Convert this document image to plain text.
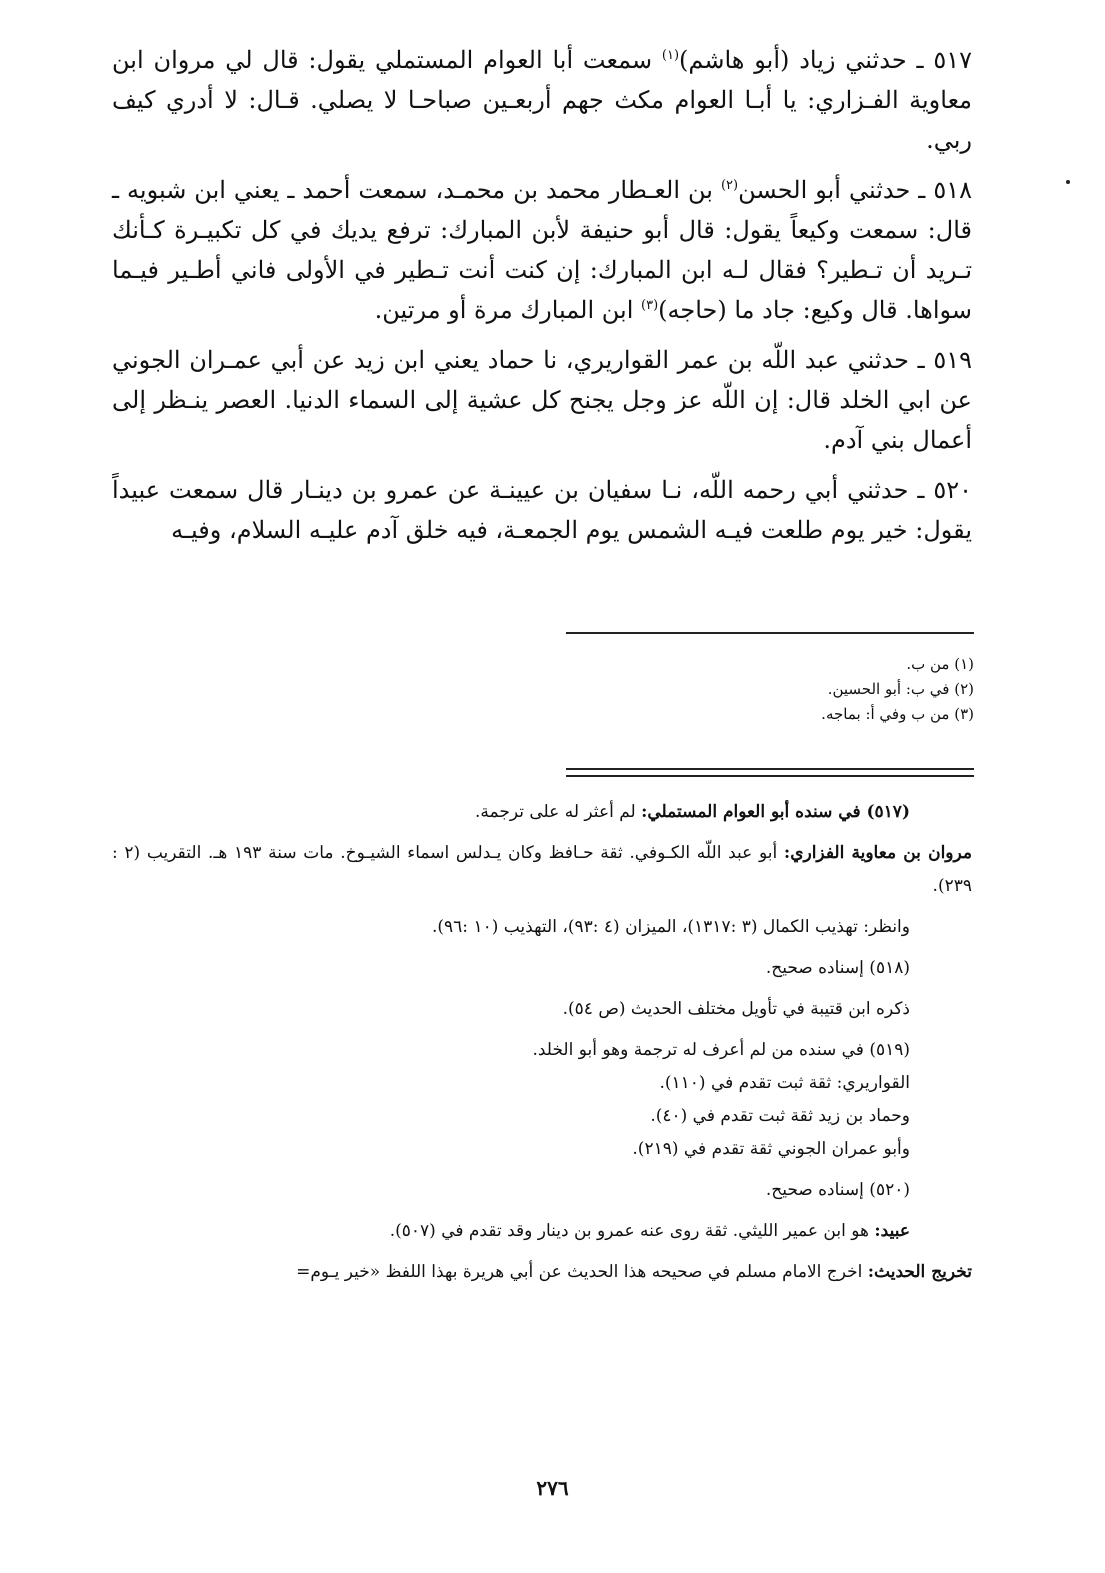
٥١٧ ـ حدثني زياد (أبو هاشم)$^{(١)}$ سمعت أبا العوام المستملي يقول: قال لي مروان ابن معاوية الفـزاري: يا أبـا العوام مكث جهم أربعـين صباحـا لا يصلي. قـال: لا أدري كيف ربي.

٥١٨ ـ حدثني أبو الحسن$^{(٢)}$ بن العـطار محمد بن محمـد، سمعت أحمد ـ يعني ابن شبويه ـ قال: سمعت وكيعاً يقول: قال أبو حنيفة لأبن المبارك: ترفع يديك في كل تكبيـرة كـأنك تـريد أن تـطير؟ فقال لـه ابن المبارك: إن كنت أنت تـطير في الأولى فاني أطـير فيـما سواها. قال وكيع: جاد ما (حاجه)$^{(٣)}$ ابن المبارك مرة أو مرتين.

٥١٩ ـ حدثني عبد اللّه بن عمر القواريري، نا حماد يعني ابن زيد عن أبي عمـران الجوني عن ابي الخلد قال: إن اللّه عز وجل يجنح كل عشية إلى السماء الدنيا. العصر ينـظر إلى أعمال بني آدم.

٥٢٠ ـ حدثني أبي رحمه اللّه، نـا سفيان بن عيينـة عن عمرو بن دينـار قال سمعت عبيداً يقول: خير يوم طلعت فيـه الشمس يوم الجمعـة، فيه خلق آدم عليـه السلام، وفيـه

(١) من ب.

(٢) في ب: أبو الحسين.

(٣) من ب وفي أ: بماجه.

(٥١٧) في سنده أبو العوام المستملي: لم أعثر له على ترجمة.

مروان بن معاوية الفزاري: أبو عبد اللّه الكـوفي. ثقة حـافظ وكان يـدلس اسماء الشيـوخ. مات سنة ١٩٣ هـ. التقريب (٢ : ٢٣٩).

وانظر: تهذيب الكمال (٣ :١٣١٧)، الميزان (٤ :٩٣)، التهذيب (١٠ :٩٦).

(٥١٨) إسناده صحيح.

ذكره ابن قتيبة في تأويل مختلف الحديث (ص ٥٤).

(٥١٩) في سنده من لم أعرف له ترجمة وهو أبو الخلد.

القواريري: ثقة ثبت تقدم في (١١٠).

وحماد بن زيد ثقة ثبت تقدم في (٤٠).

وأبو عمران الجوني ثقة تقدم في (٢١٩).

(٥٢٠) إسناده صحيح.

عبيد: هو ابن عمير الليثي. ثقة روى عنه عمرو بن دينار وقد تقدم في (٥٠٧).

تخريج الحديث: اخرج الامام مسلم في صحيحه هذا الحديث عن أبي هريرة بهذا اللفظ «خير يـوم=

٢٧٦
